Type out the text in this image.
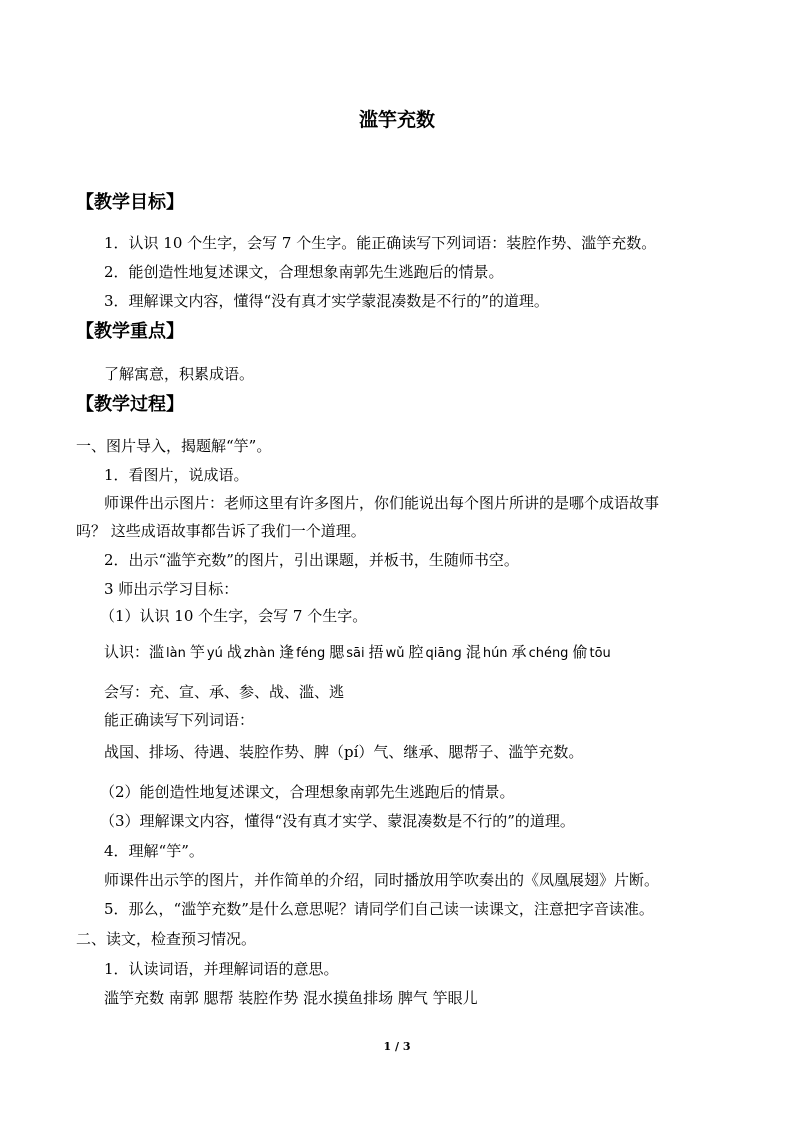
滥竽充数
【教学目标】
1．认识 10 个生字，会写 7 个生字。能正确读写下列词语：装腔作势、滥竽充数。
2．能创造性地复述课文，合理想象南郭先生逃跑后的情景。
3．理解课文内容，懂得“没有真才实学蒙混凑数是不行的”的道理。
【教学重点】
了解寓意，积累成语。
【教学过程】
一、图片导入，揭题解“竽”。
1．看图片，说成语。
师课件出示图片：老师这里有许多图片，你们能说出每个图片所讲的是哪个成语故事
吗？ 这些成语故事都告诉了我们一个道理。
2．出示“滥竽充数”的图片，引出课题，并板书，生随师书空。
3 师出示学习目标：
（1）认识 10 个生字，会写 7 个生字。
认识：滥 làn 竽 yú 战 zhàn 逢 féng 腮 sāi 捂 wǔ 腔 qiāng 混 hún 承 chéng 偷 tōu
会写：充、宣、承、参、战、滥、逃
能正确读写下列词语：
战国、排场、待遇、装腔作势、脾（pí）气、继承、腮帮子、滥竽充数。
（2）能创造性地复述课文，合理想象南郭先生逃跑后的情景。
（3）理解课文内容，懂得“没有真才实学、蒙混凑数是不行的”的道理。
4．理解“竽”。
师课件出示竽的图片，并作简单的介绍，同时播放用竽吹奏出的《凤凰展翅》片断。
5．那么，“滥竽充数”是什么意思呢？请同学们自己读一读课文，注意把字音读准。
二、读文，检查预习情况。
1．认读词语，并理解词语的意思。
滥竽充数 南郭 腮帮 装腔作势 混水摸鱼排场 脾气 竽眼儿
1 / 3
